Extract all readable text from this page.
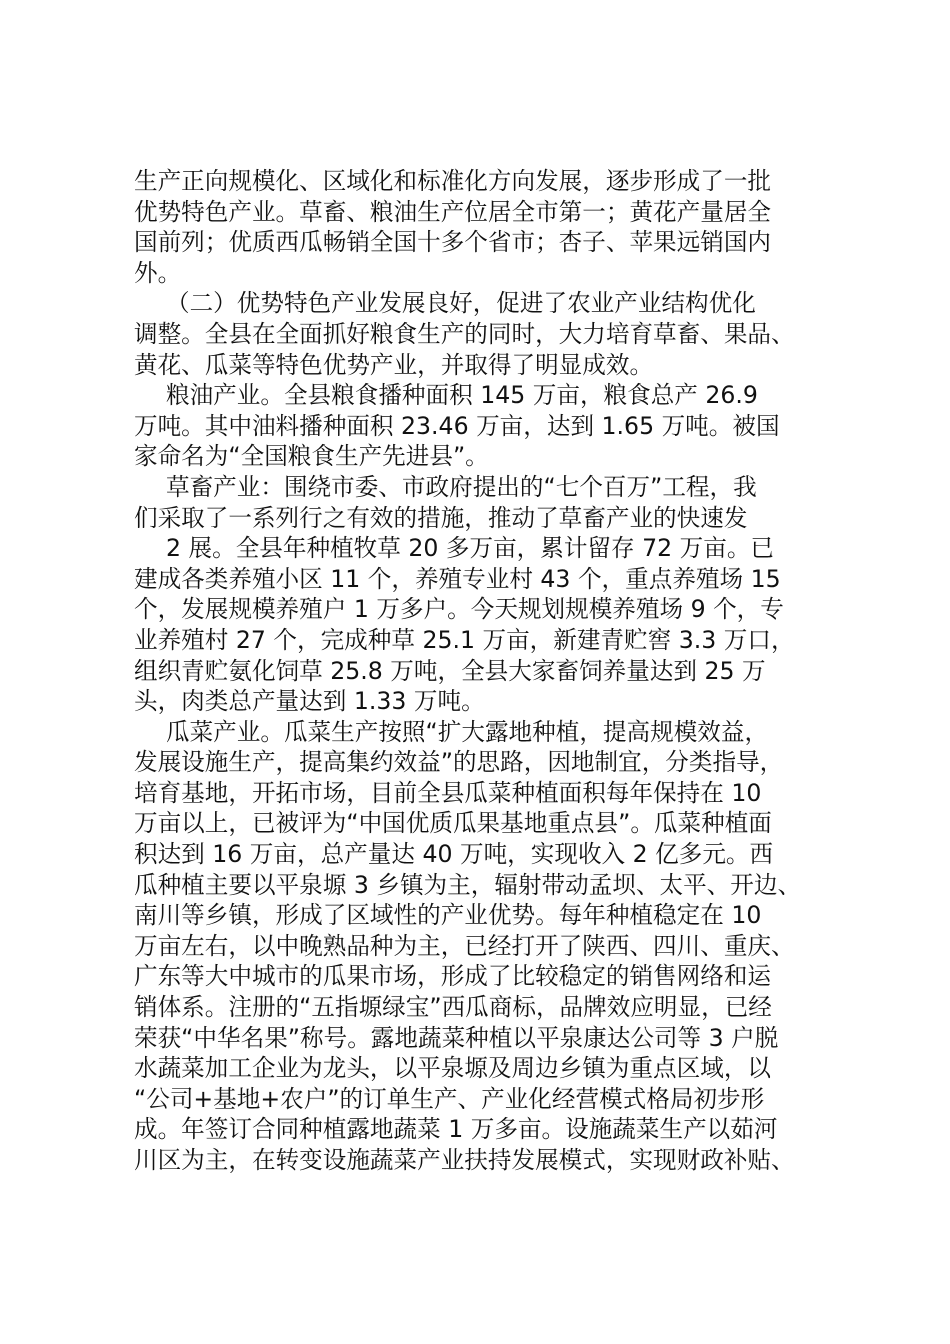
生产正向规模化、区域化和标准化方向发展，逐步形成了一批
优势特色产业。草畜、粮油生产位居全市第一；黄花产量居全
国前列；优质西瓜畅销全国十多个省市；杏子、苹果远销国内
外。
（二）优势特色产业发展良好，促进了农业产业结构优化
调整。全县在全面抓好粮食生产的同时，大力培育草畜、果品、
黄花、瓜菜等特色优势产业，并取得了明显成效。
粮油产业。全县粮食播种面积 145 万亩，粮食总产 26.9
万吨。其中油料播种面积 23.46 万亩，达到 1.65 万吨。被国
家命名为“全国粮食生产先进县”。
草畜产业：围绕市委、市政府提出的“七个百万”工程，我
们采取了一系列行之有效的措施，推动了草畜产业的快速发
2 展。全县年种植牧草 20 多万亩，累计留存 72 万亩。已
建成各类养殖小区 11 个，养殖专业村 43 个，重点养殖场 15
个，发展规模养殖户 1 万多户。今天规划规模养殖场 9 个，专
业养殖村 27 个，完成种草 25.1 万亩，新建青贮窖 3.3 万口，
组织青贮氨化饲草 25.8 万吨，全县大家畜饲养量达到 25 万
头，肉类总产量达到 1.33 万吨。
瓜菜产业。瓜菜生产按照“扩大露地种植，提高规模效益，
发展设施生产，提高集约效益”的思路，因地制宜，分类指导，
培育基地，开拓市场，目前全县瓜菜种植面积每年保持在 10
万亩以上，已被评为“中国优质瓜果基地重点县”。瓜菜种植面
积达到 16 万亩，总产量达 40 万吨，实现收入 2 亿多元。西
瓜种植主要以平泉塬 3 乡镇为主，辐射带动孟坝、太平、开边、
南川等乡镇，形成了区域性的产业优势。每年种植稳定在 10
万亩左右，以中晚熟品种为主，已经打开了陕西、四川、重庆、
广东等大中城市的瓜果市场，形成了比较稳定的销售网络和运
销体系。注册的“五指塬绿宝”西瓜商标，品牌效应明显，已经
荣获“中华名果”称号。露地蔬菜种植以平泉康达公司等 3 户脱
水蔬菜加工企业为龙头，以平泉塬及周边乡镇为重点区域，以
“公司+基地+农户”的订单生产、产业化经营模式格局初步形
成。年签订合同种植露地蔬菜 1 万多亩。设施蔬菜生产以茹河
川区为主，在转变设施蔬菜产业扶持发展模式，实现财政补贴、
